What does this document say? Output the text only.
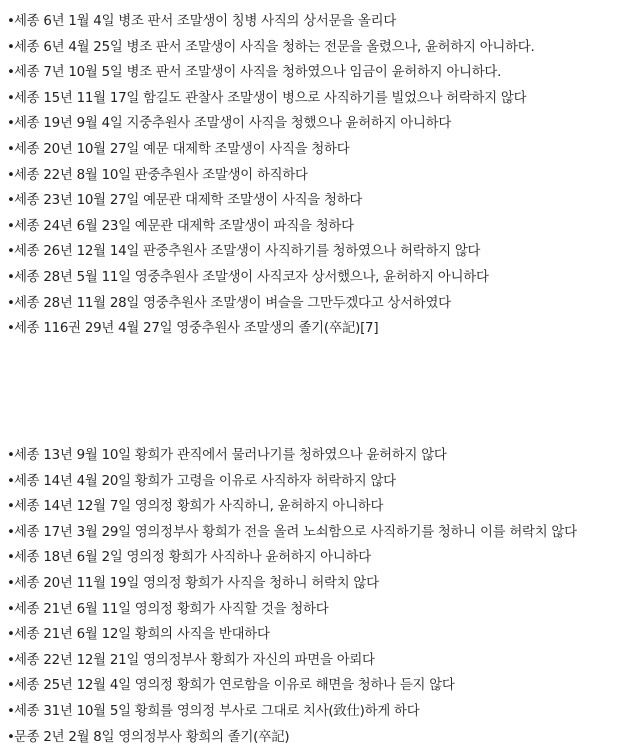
•세종 6년 1월 4일 병조 판서 조말생이 칭병 사직의 상서문을 올리다
•세종 6년 4월 25일 병조 판서 조말생이 사직을 청하는 전문을 올렸으나, 윤허하지 아니하다.
•세종 7년 10월 5일 병조 판서 조말생이 사직을 청하였으나 임금이 윤허하지 아니하다.
•세종 15년 11월 17일 함길도 관찰사 조말생이 병으로 사직하기를 빌었으나 허락하지 않다
•세종 19년 9월 4일 지중추원사 조말생이 사직을 청했으나 윤허하지 아니하다
•세종 20년 10월 27일 예문 대제학 조말생이 사직을 청하다
•세종 22년 8월 10일 판중추원사 조말생이 하직하다
•세종 23년 10월 27일 예문관 대제학 조말생이 사직을 청하다
•세종 24년 6월 23일 예문관 대제학 조말생이 파직을 청하다
•세종 26년 12월 14일 판중추원사 조말생이 사직하기를 청하였으나 허락하지 않다
•세종 28년 5월 11일 영중추원사 조말생이 사직코자 상서했으나, 윤허하지 아니하다
•세종 28년 11월 28일 영중추원사 조말생이 벼슬을 그만두겠다고 상서하였다
•세종 116권 29년 4월 27일 영중추원사 조말생의 졸기(卒記)[7]
•세종 13년 9월 10일 황희가 관직에서 물러나기를 청하였으나 윤허하지 않다
•세종 14년 4월 20일 황희가 고령을 이유로 사직하자 허락하지 않다
•세종 14년 12월 7일 영의정 황희가 사직하니, 윤허하지 아니하다
•세종 17년 3월 29일 영의정부사 황희가 전을 올려 노쇠함으로 사직하기를 청하니 이를 허락치 않다
•세종 18년 6월 2일 영의정 황희가 사직하나 윤허하지 아니하다
•세종 20년 11월 19일 영의정 황희가 사직을 청하니 허락치 않다
•세종 21년 6월 11일 영의정 황희가 사직할 것을 청하다
•세종 21년 6월 12일 황희의 사직을 반대하다
•세종 22년 12월 21일 영의정부사 황희가 자신의 파면을 아뢰다
•세종 25년 12월 4일 영의정 황희가 연로함을 이유로 해면을 청하나 듣지 않다
•세종 31년 10월 5일 황희를 영의정 부사로 그대로 치사(致仕)하게 하다
•문종 2년 2월 8일 영의정부사 황희의 졸기(卒記)
